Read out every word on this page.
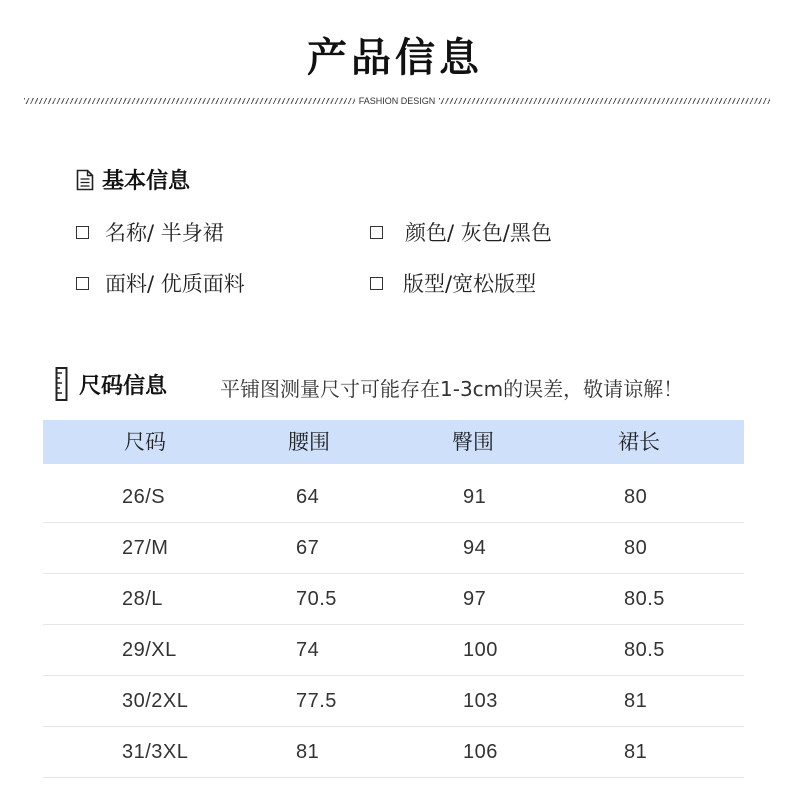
产品信息
FASHION DESIGN
基本信息
名称/ 半身裙	颜色/ 灰色/黑色
面料/ 优质面料	版型/宽松版型
尺码信息	平铺图测量尺寸可能存在1-3cm的误差，敬请谅解！
尺码	腰围	臀围	裙长
26/S	64	91	80
27/M	67	94	80
28/L	70.5	97	80.5
29/XL	74	100	80.5
30/2XL	77.5	103	81
31/3XL	81	106	81
